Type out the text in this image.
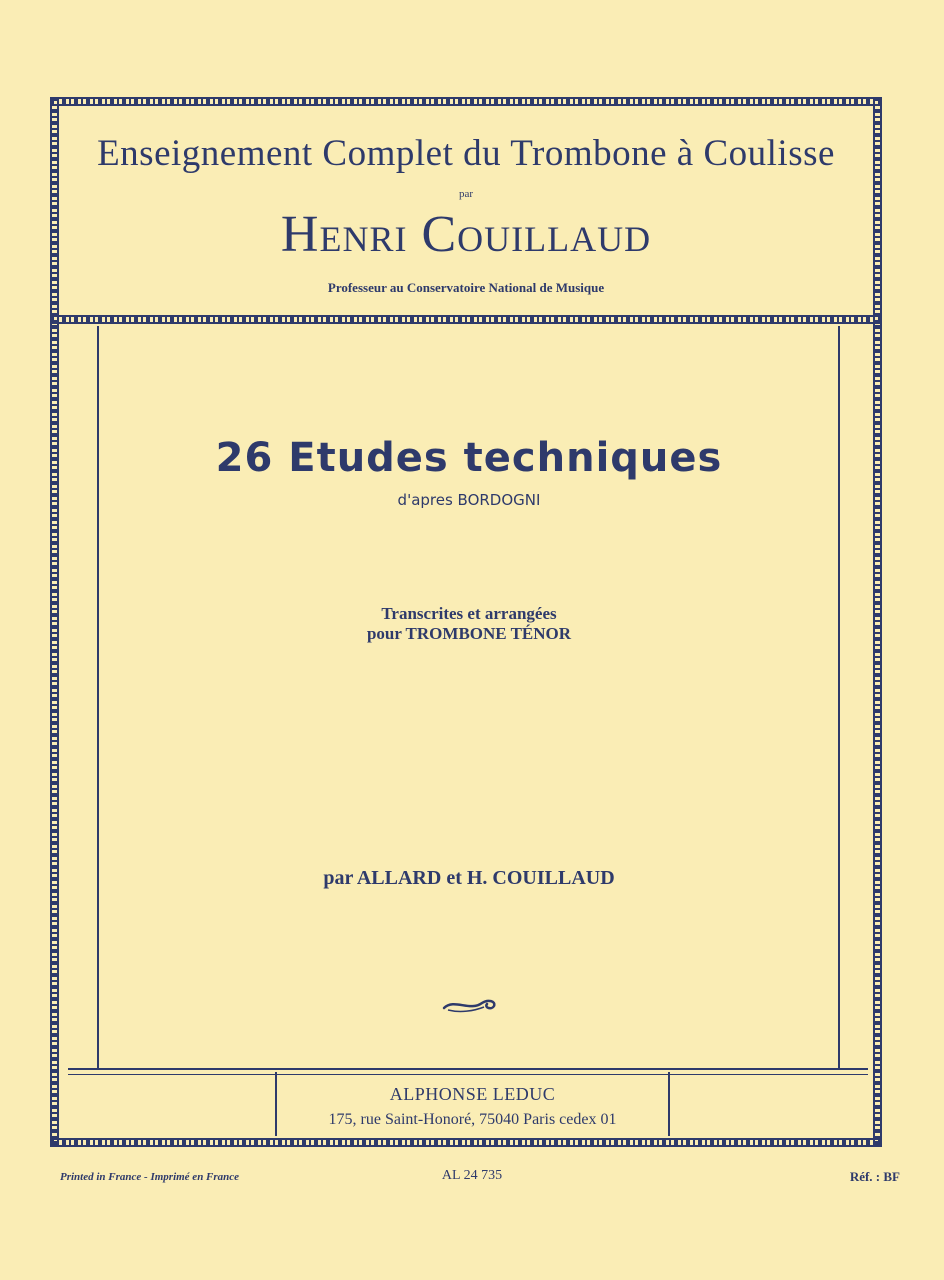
Enseignement Complet du Trombone à Coulisse
par
Henri Couillaud
Professeur au Conservatoire National de Musique
26 Etudes techniques
d'apres BORDOGNI
Transcrites et arrangées
pour TROMBONE TÉNOR
par ALLARD et H. COUILLAUD
ALPHONSE LEDUC
175, rue Saint-Honoré, 75040 Paris cedex 01
Printed in France - Imprimé en France	AL 24 735	Réf. : BF
